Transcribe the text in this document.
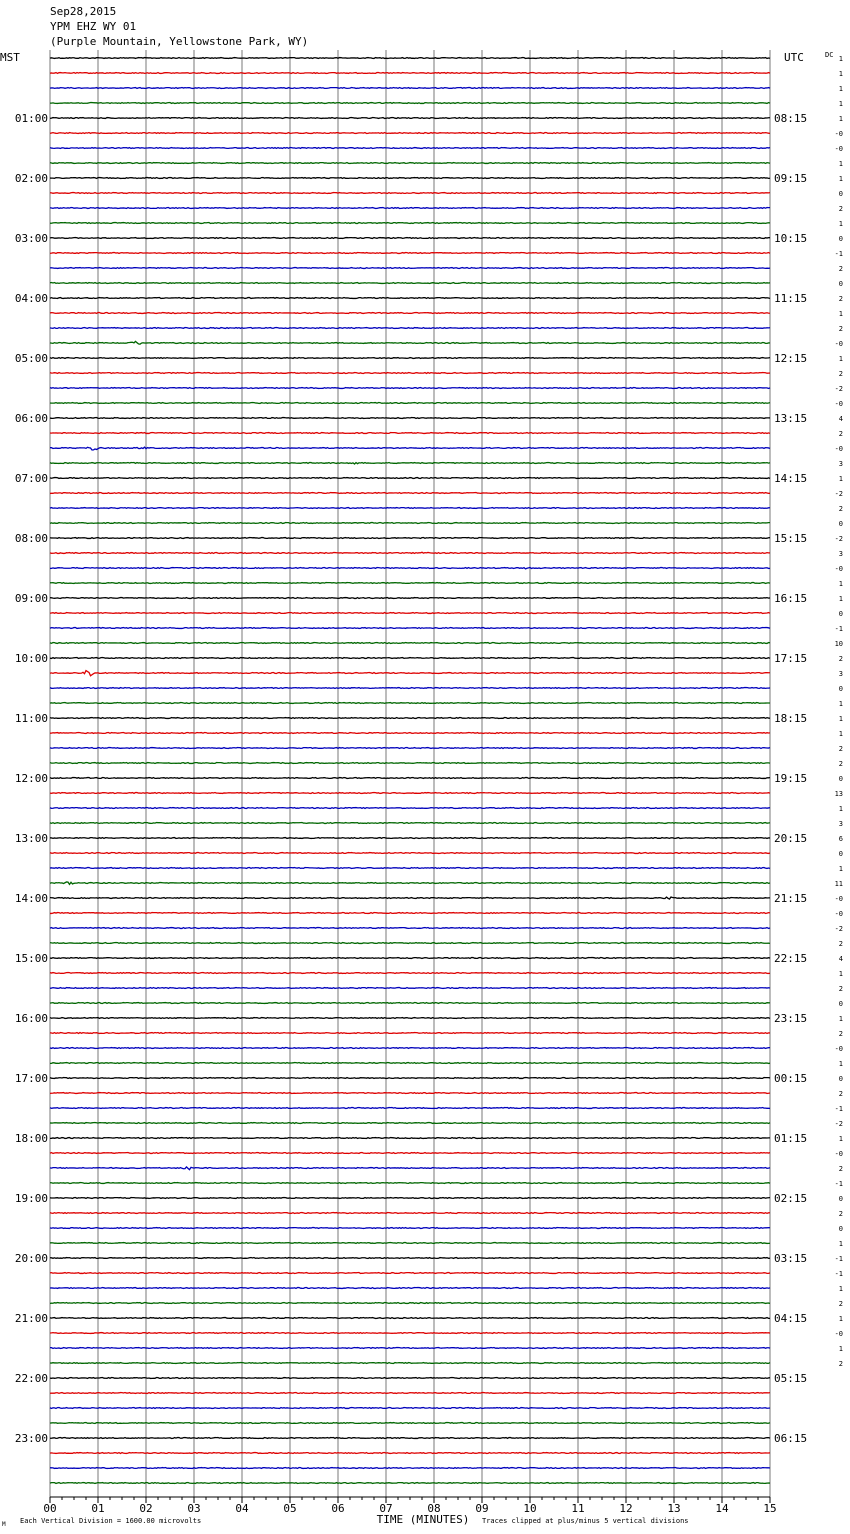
Sep28,2015
YPM EHZ WY 01
(Purple Mountain, Yellowstone Park, WY)
MST	UTC	DC
00	01	02	03	04	05	06	07	08	09	10	11	12	13	14	15
1
1
1
1
1
-0
-0
1
1
0
2
1
0
-1
2
0
2
1
2
-0
1
2
-2
-0
4
2
-0
3
1
-2
2
0
-2
3
-0
1
1
0
-1
10
2
3
0
1
1
1
2
2
0
13
1
3
6
0
1
11
-0
-0
-2
2
4
1
2
0
1
2
-0
1
0
2
-1
-2
1
-0
2
-1
0
2
0
1
-1
-1
1
2
1
-0
1
2
01:00
02:00
03:00
04:00
05:00
06:00
07:00
08:00
09:00
10:00
11:00
12:00
13:00
14:00
15:00
16:00
17:00
18:00
19:00
20:00
21:00
22:00
23:00
08:15
09:15
10:15
11:15
12:15
13:15
14:15
15:15
16:15
17:15
18:15
19:15
20:15
21:15
22:15
23:15
00:15
01:15
02:15
03:15
04:15
05:15
06:15
TIME (MINUTES)
Each Vertical Division = 1600.00 microvolts	Traces clipped at plus/minus 5 vertical divisions
M
